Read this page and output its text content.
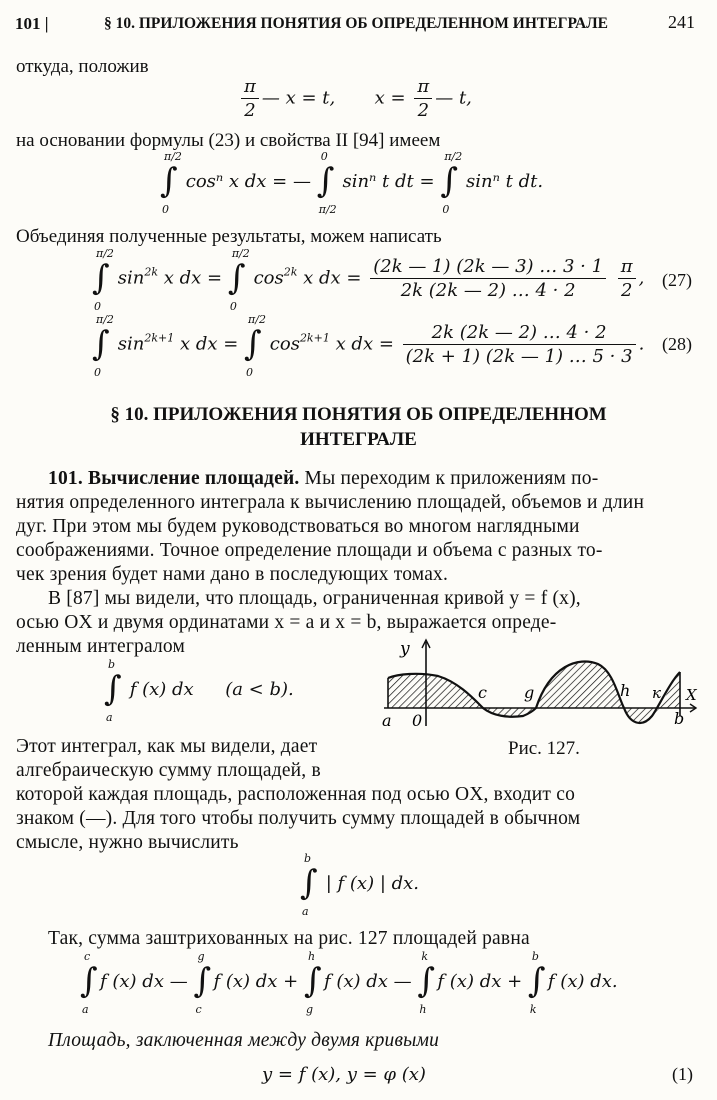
101 |	§ 10. ПРИЛОЖЕНИЯ ПОНЯТИЯ ОБ ОПРЕДЕЛЕННОМ ИНТЕГРАЛЕ	241
откуда, положив
$\frac{\pi}{2}$ — x = t, $x = \frac{\pi}{2}$ — t,
на основании формулы (23) и свойства II [94] имеем
π/2
∫
0
cosⁿ x dx = —
0
∫
π/2
sinⁿ t dt =
π/2
∫
0
sinⁿ t dt.
Объединяя полученные результаты, можем написать
π/2
∫
0
$\sin^{2k} x$ dx =
π/2
∫
0
$\cos^{2k} x$ dx = $\frac{(2k — 1) (2k — 3) \dots 3 \cdot 1}{2k (2k — 2) \dots 4 \cdot 2}$
$\frac{\pi}{2}$ , (27)
π/2
∫
0
$\sin^{2k+1} x$ dx =
π/2
∫
0
$\cos^{2k+1} x$ dx = $\frac{2k (2k — 2) \dots 4 \cdot 2}{(2k + 1) (2k — 1) \dots 5 \cdot 3}$ . (28)
§ 10. ПРИЛОЖЕНИЯ ПОНЯТИЯ ОБ ОПРЕДЕЛЕННОМ
ИНТЕГРАЛЕ
101. Вычисление площадей. Мы переходим к приложениям по-
нятия определенного интеграла к вычислению площадей, объемов и длин
дуг. При этом мы будем руководствоваться во многом наглядными
соображениями. Точное определение площади и объема с разных то-
чек зрения будет нами дано в последующих томах.
В [87] мы видели, что площадь, ограниченная кривой y = f (x),
осью OX и двумя ординатами x = a и x = b, выражается опреде-
ленным интегралом
b
∫
a
f (x) dx (a < b).
y
X
a 0
c g	h к
b
Рис. 127.
Этот интеграл, как мы видели, дает
алгебраическую сумму площадей, в
которой каждая площадь, расположенная под осью OX, входит со
знаком (—). Для того чтобы получить сумму площадей в обычном
смысле, нужно вычислить
b
∫
a
| f (x) | dx.
Так, сумма заштрихованных на рис. 127 площадей равна
c
∫
a
f (x) dx —
g
∫
c
f (x) dx +
h
∫
g
f (x) dx —
k
∫
h
f (x) dx +
b
∫
k
f (x) dx.
Площадь, заключенная между двумя кривыми
y = f (x), y = φ (x)	(1)
